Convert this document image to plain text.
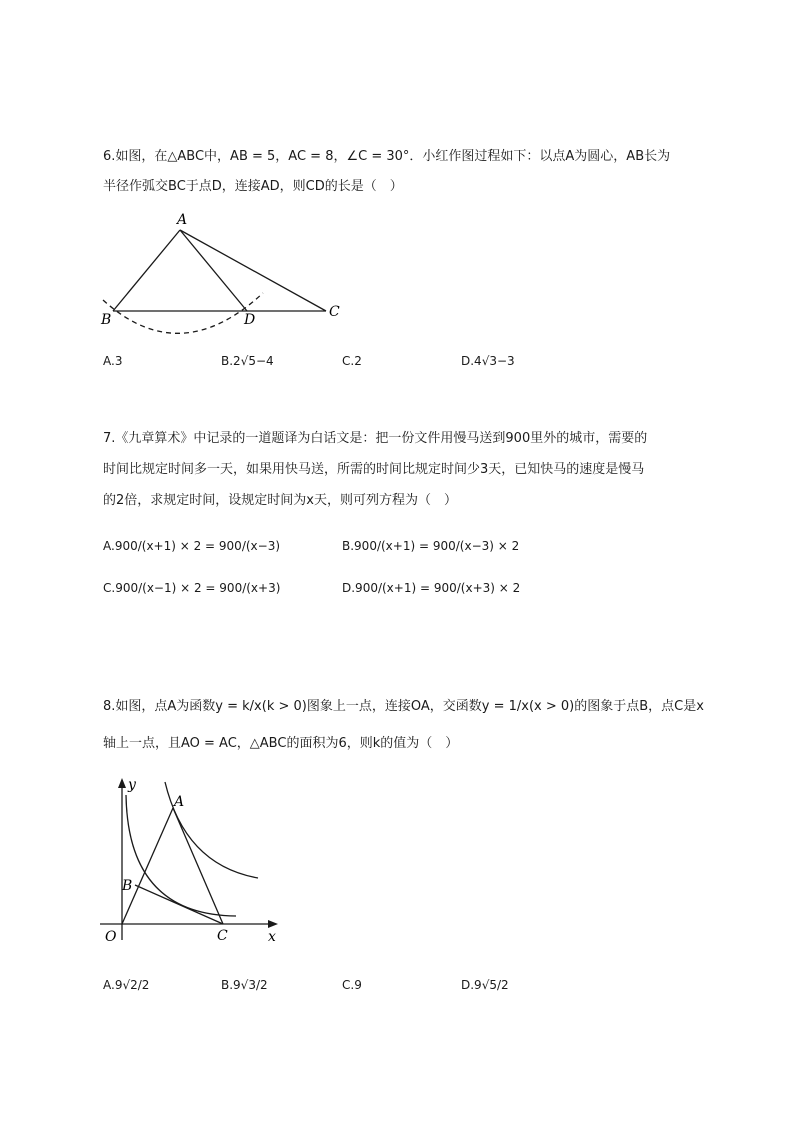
6.如图，在△ABC中，AB = 5，AC = 8，∠C = 30°．小红作图过程如下：以点A为圆心，AB长为
半径作弧交BC于点D，连接AD，则CD的长是（　）
A
B	D	C
A.3	B.2√5−4	C.2	D.4√3−3
7.《九章算术》中记录的一道题译为白话文是：把一份文件用慢马送到900里外的城市，需要的
时间比规定时间多一天，如果用快马送，所需的时间比规定时间少3天，已知快马的速度是慢马
的2倍，求规定时间，设规定时间为x天，则可列方程为（　）
A.900/(x+1) × 2 = 900/(x−3)	B.900/(x+1) = 900/(x−3) × 2
C.900/(x−1) × 2 = 900/(x+3)	D.900/(x+1) = 900/(x+3) × 2
8.如图，点A为函数y = k/x(k > 0)图象上一点，连接OA，交函数y = 1/x(x > 0)的图象于点B，点C是x
轴上一点，且AO = AC，△ABC的面积为6，则k的值为（　）
A
B
C
O	x
y
A.9√2/2	B.9√3/2	C.9	D.9√5/2
